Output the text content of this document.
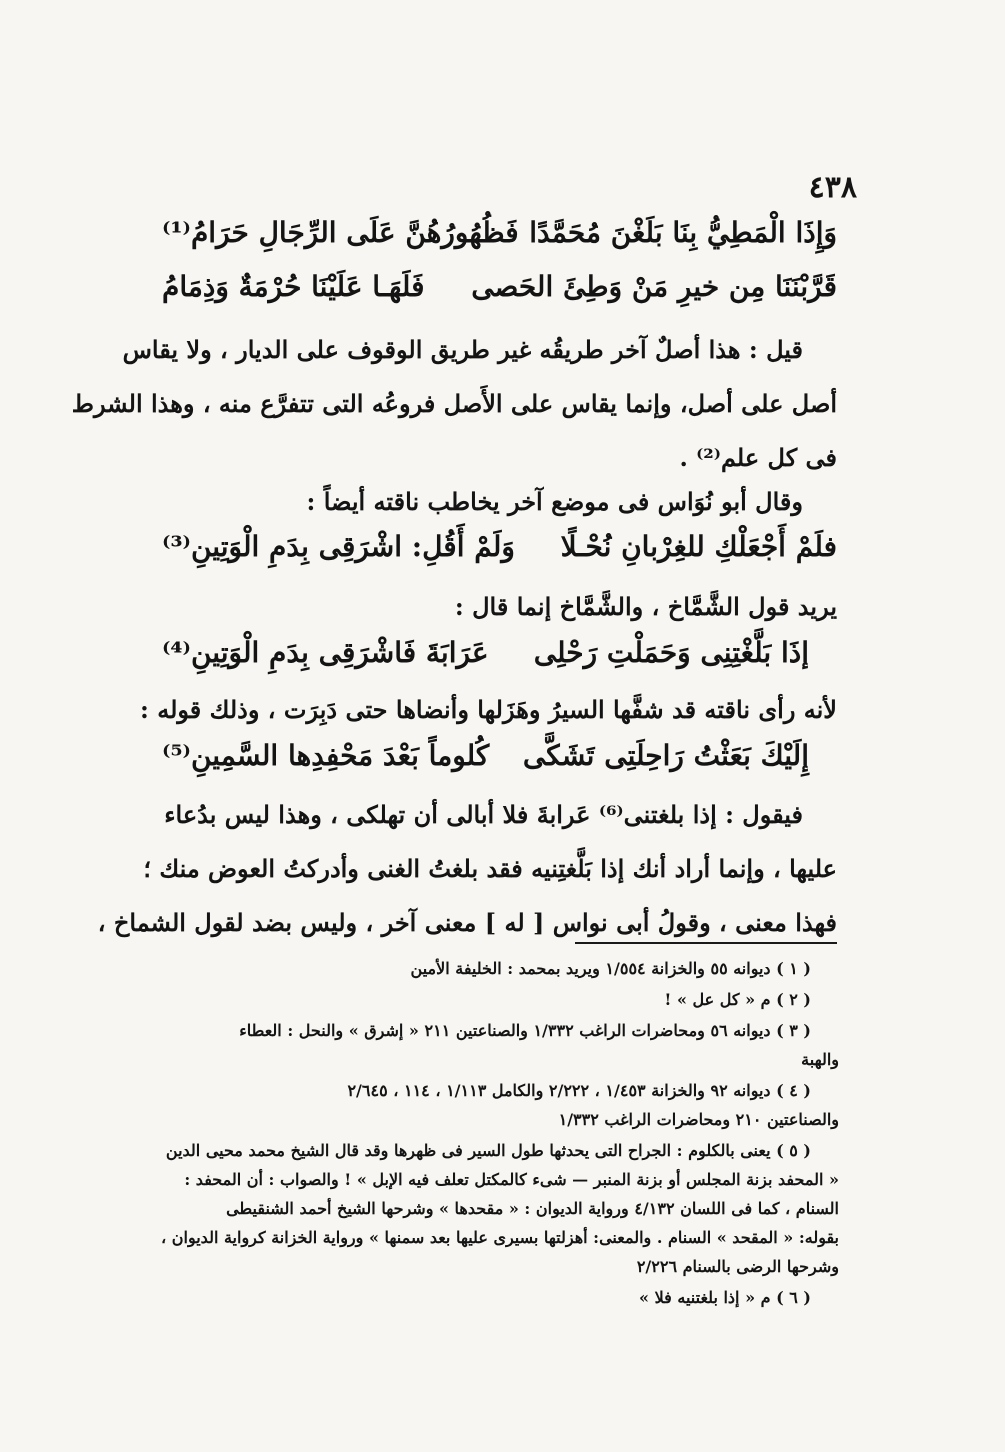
٤٣٨
وَإِذَا الْمَطِيُّ بِنَا بَلَغْنَ مُحَمَّدًا
فَظُهُورُهُنَّ عَلَى الرِّجَالِ حَرَامُ⁽¹⁾
قَرَّبْنَنَا مِن خيرِ مَنْ وَطِئَ الحَصى
فَلَهَـا عَلَيْنَا حُرْمَةٌ وَذِمَامُ
قيل : هذا أصلٌ آخر طريقُه غير طريق الوقوف على الديار ، ولا يقاس
أصل على أصل، وإنما يقاس على الأَصل فروعُه التى تتفرَّع منه ، وهذا الشرط
فى كل علم⁽²⁾ .
وقال أبو نُوَاس فى موضع آخر يخاطب ناقته أيضاً :
فلَمْ أَجْعَلْكِ للغِرْبانِ نُحْـلًا
وَلَمْ أَقُلِ: اشْرَقِى بِدَمِ الْوَتِينِ⁽³⁾
يريد قول الشَّمَّاخ ، والشَّمَّاخ إنما قال :
إذَا بَلَّغْتِنِى وَحَمَلْتِ رَحْلِى
عَرَابَةَ فَاشْرَقِى بِدَمِ الْوَتِينِ⁽⁴⁾
لأنه رأى ناقته قد شفَّها السيرُ وهَزَلها وأنضاها حتى دَبِرَت ، وذلك قوله :
إِلَيْكَ بَعَثْتُ رَاحِلَتِى تَشَكَّى
كُلوماً بَعْدَ مَحْفِدِها السَّمِينِ⁽⁵⁾
فيقول : إذا بلغتنى⁽⁶⁾ عَرابةَ فلا أبالى أن تهلكى ، وهذا ليس بدُعاء
عليها ، وإنما أراد أنك إذا بَلَّغتِنيه فقد بلغتُ الغنى وأدركتُ العوض منك ؛
فهذا معنى ، وقولُ أبى نواس [ له ] معنى آخر ، وليس بضد لقول الشماخ ،
( ١ ) ديوانه ٥٥ والخزانة ١/٥٥٤ ويريد بمحمد : الخليفة الأمين
( ٢ ) م « كل عل » !
( ٣ ) ديوانه ٥٦ ومحاضرات الراغب ١/٣٣٢ والصناعتين ٢١١ « إشرق » والنحل : العطاء
والهبة
( ٤ ) ديوانه ٩٢ والخزانة ١/٤٥٣ ، ٢/٢٢٢ والكامل ١/١١٣ ، ١١٤ ، ٢/٦٤٥
والصناعتين ٢١٠ ومحاضرات الراغب ١/٣٣٢
( ٥ ) يعنى بالكلوم : الجراح التى يحدثها طول السير فى ظهرها وقد قال الشيخ محمد محيى الدين
« المحفد بزنة المجلس أو بزنة المنبر — شىء كالمكتل تعلف فيه الإبل » ! والصواب : أن المحفد :
السنام ، كما فى اللسان ٤/١٣٢ ورواية الديوان : « مقحدها » وشرحها الشيخ أحمد الشنقيطى
بقوله: « المقحد » السنام . والمعنى: أهزلتها بسيرى عليها بعد سمنها » ورواية الخزانة كرواية الديوان ،
وشرحها الرضى بالسنام ٢/٢٢٦
( ٦ ) م « إذا بلغتنيه فلا »
